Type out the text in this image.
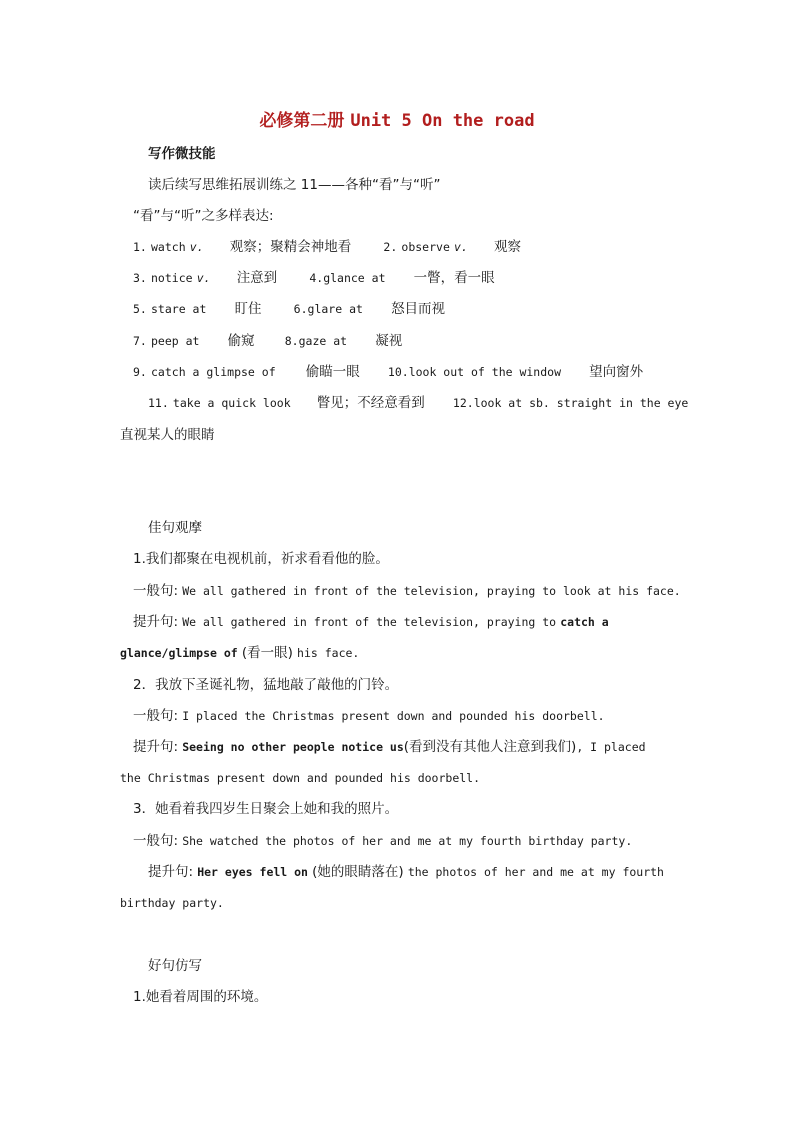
必修第二册 Unit 5 On the road
写作微技能
读后续写思维拓展训练之 11——各种“看”与“听”
“看”与“听”之多样表达:
1. watch v. 观察；聚精会神地看	2. observe v. 观察
3. notice v. 注意到	4.glance at 一瞥，看一眼
5. stare at 盯住	6.glare at 怒目而视
7. peep at 偷窥	8.gaze at 凝视
9. catch a glimpse of 偷瞄一眼 10.look out of the window 望向窗外
11. take a quick look 瞥见；不经意看到 12.look at sb. straight in the eye
直视某人的眼睛
佳句观摩
1.我们都聚在电视机前，祈求看看他的脸。
一般句: We all gathered in front of the television, praying to look at his face.
提升句: We all gathered in front of the television, praying to catch a
glance/glimpse of (看一眼) his face.
2．我放下圣诞礼物，猛地敲了敲他的门铃。
一般句: I placed the Christmas present down and pounded his doorbell.
提升句: Seeing no other people notice us(看到没有其他人注意到我们), I placed
the Christmas present down and pounded his doorbell.
3．她看着我四岁生日聚会上她和我的照片。
一般句: She watched the photos of her and me at my fourth birthday party.
提升句: Her eyes fell on (她的眼睛落在) the photos of her and me at my fourth
birthday party.
好句仿写
1.她看着周围的环境。
